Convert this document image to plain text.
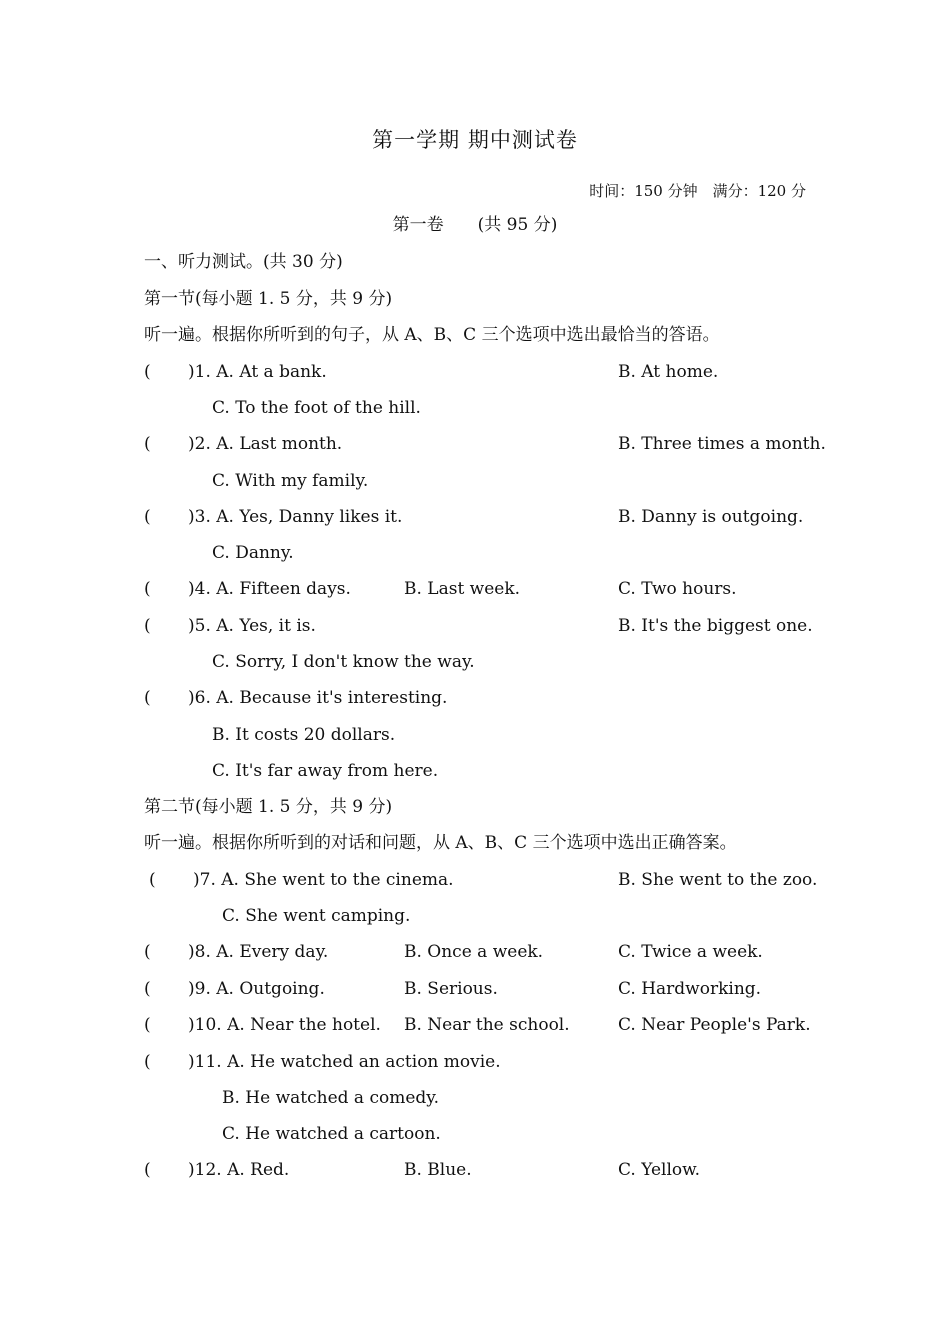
第一学期 期中测试卷
时间：150 分钟　满分：120 分
第一卷　　(共 95 分)
一、听力测试。(共 30 分)
第一节(每小题 1. 5 分，共 9 分)
听一遍。根据你所听到的句子，从 A、B、C 三个选项中选出最恰当的答语。
( )1. A. At a bank.	B. At home.
C. To the foot of the hill.
( )2. A. Last month.	B. Three times a month.
C. With my family.
( )3. A. Yes, Danny likes it.	B. Danny is outgoing.
C. Danny.
( )4. A. Fifteen days.	B. Last week.	C. Two hours.
( )5. A. Yes, it is.	B. It's the biggest one.
C. Sorry, I don't know the way.
( )6. A. Because it's interesting.
B. It costs 20 dollars.
C. It's far away from here.
第二节(每小题 1. 5 分，共 9 分)
听一遍。根据你所听到的对话和问题，从 A、B、C 三个选项中选出正确答案。
( )7. A. She went to the cinema.	B. She went to the zoo.
C. She went camping.
( )8. A. Every day.	B. Once a week.	C. Twice a week.
( )9. A. Outgoing.	B. Serious.	C. Hardworking.
( )10. A. Near the hotel. B. Near the school.	C. Near People's Park.
( )11. A. He watched an action movie.
B. He watched a comedy.
C. He watched a cartoon.
( )12. A. Red.	B. Blue.	C. Yellow.
